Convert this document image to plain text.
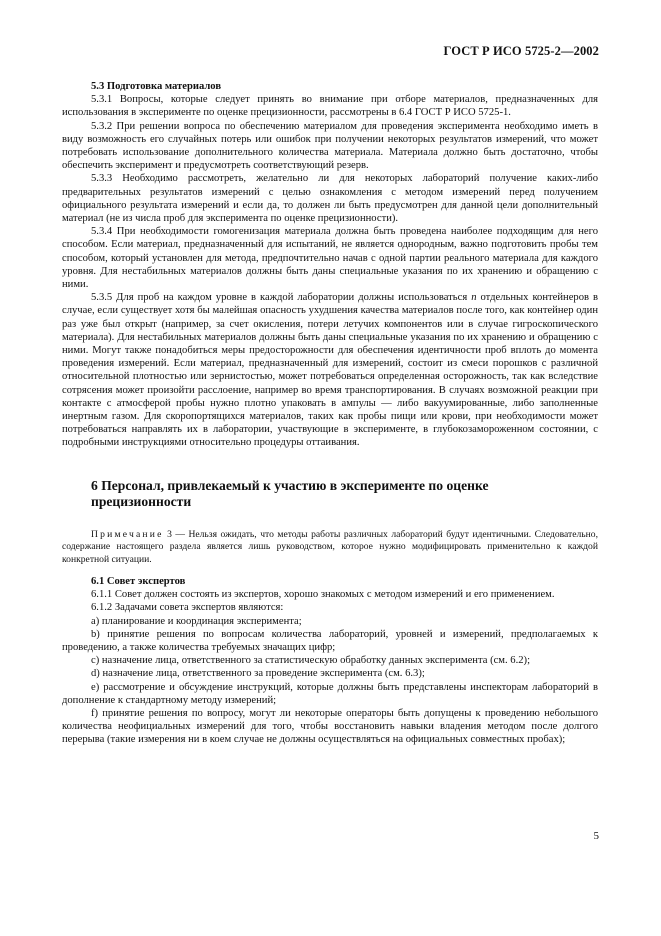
ГОСТ Р ИСО 5725-2—2002
5.3 Подготовка материалов

5.3.1 Вопросы, которые следует принять во внимание при отборе материалов, предназначенных для использования в эксперименте по оценке прецизионности, рассмотрены в 6.4 ГОСТ Р ИСО 5725-1.

5.3.2 При решении вопроса по обеспечению материалом для проведения эксперимента необходимо иметь в виду возможность его случайных потерь или ошибок при получении некоторых результатов измерений, что может потребовать использование дополнительного количества материала. Материала должно быть достаточно, чтобы обеспечить эксперимент и предусмотреть соответствующий резерв.

5.3.3 Необходимо рассмотреть, желательно ли для некоторых лабораторий получение каких-либо предварительных результатов измерений с целью ознакомления с методом измерений перед получением официального результата измерений и если да, то должен ли быть предусмотрен для данной цели дополнительный материал (не из числа проб для эксперимента по оценке прецизионности).

5.3.4 При необходимости гомогенизация материала должна быть проведена наиболее подходящим для него способом. Если материал, предназначенный для испытаний, не является однородным, важно подготовить пробы тем способом, который установлен для метода, предпочтительно начав с одной партии реального материала для каждого уровня. Для нестабильных материалов должны быть даны специальные указания по их хранению и обращению с ними.

5.3.5 Для проб на каждом уровне в каждой лаборатории должны использоваться n отдельных контейнеров в случае, если существует хотя бы малейшая опасность ухудшения качества материалов после того, как контейнер один раз уже был открыт (например, за счет окисления, потери летучих компонентов или в случае гигроскопического материала). Для нестабильных материалов должны быть даны специальные указания по их хранению и обращению с ними. Могут также понадобиться меры предосторожности для обеспечения идентичности проб вплоть до момента проведения измерений. Если материал, предназначенный для измерений, состоит из смеси порошков с различной относительной плотностью или зернистостью, может потребоваться определенная осторожность, так как вследствие сотрясения может произойти расслоение, например во время транспортирования. В случаях возможной реакции при контакте с атмосферой пробы нужно плотно упаковать в ампулы — либо вакуумированные, либо заполненные инертным газом. Для скоропортящихся материалов, таких как пробы пищи или крови, при необходимости может потребоваться направлять их в лаборатории, участвующие в эксперименте, в глубокозамороженном состоянии, с подробными инструкциями относительно процедуры оттаивания.

6 Персонал, привлекаемый к участию в эксперименте по оценке прецизионности
Примечание 3 — Нельзя ожидать, что методы работы различных лабораторий будут идентичными. Следовательно, содержание настоящего раздела является лишь руководством, которое нужно модифицировать применительно к каждой конкретной ситуации.
6.1 Совет экспертов

6.1.1 Совет должен состоять из экспертов, хорошо знакомых с методом измерений и его применением.

6.1.2 Задачами совета экспертов являются:

a) планирование и координация эксперимента;

b) принятие решения по вопросам количества лабораторий, уровней и измерений, предполагаемых к проведению, а также количества требуемых значащих цифр;

c) назначение лица, ответственного за статистическую обработку данных эксперимента (см. 6.2);

d) назначение лица, ответственного за проведение эксперимента (см. 6.3);

e) рассмотрение и обсуждение инструкций, которые должны быть представлены инспекторам лабораторий в дополнение к стандартному методу измерений;

f) принятие решения по вопросу, могут ли некоторые операторы быть допущены к проведению небольшого количества неофициальных измерений для того, чтобы восстановить навыки владения методом после долгого перерыва (такие измерения ни в коем случае не должны осуществляться на официальных совместных пробах);

5
